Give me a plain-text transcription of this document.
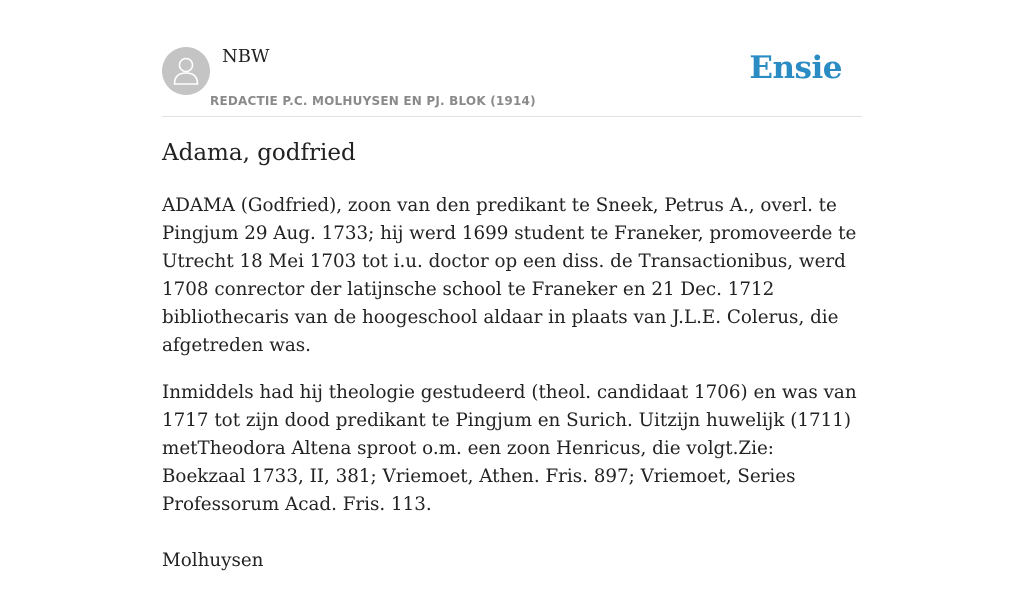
NBW
REDACTIE P.C. MOLHUYSEN EN PJ. BLOK (1914)
Ensie
Adama, godfried

ADAMA (Godfried), zoon van den predikant te Sneek, Petrus A., overl. te Pingjum 29 Aug. 1733; hij werd 1699 student te Franeker, promoveerde te Utrecht 18 Mei 1703 tot i.u. doctor op een diss. de Transactionibus, werd 1708 conrector der latijnsche school te Franeker en 21 Dec. 1712 bibliothecaris van de hoogeschool aldaar in plaats van J.L.E. Colerus, die afgetreden was.

Inmiddels had hij theologie gestudeerd (theol. candidaat 1706) en was van 1717 tot zijn dood predikant te Pingjum en Surich. Uitzijn huwelijk (1711) metTheodora Altena sproot o.m. een zoon Henricus, die volgt.Zie: Boekzaal 1733, II, 381; Vriemoet, Athen. Fris. 897; Vriemoet, Series Professorum Acad. Fris. 113.

Molhuysen
